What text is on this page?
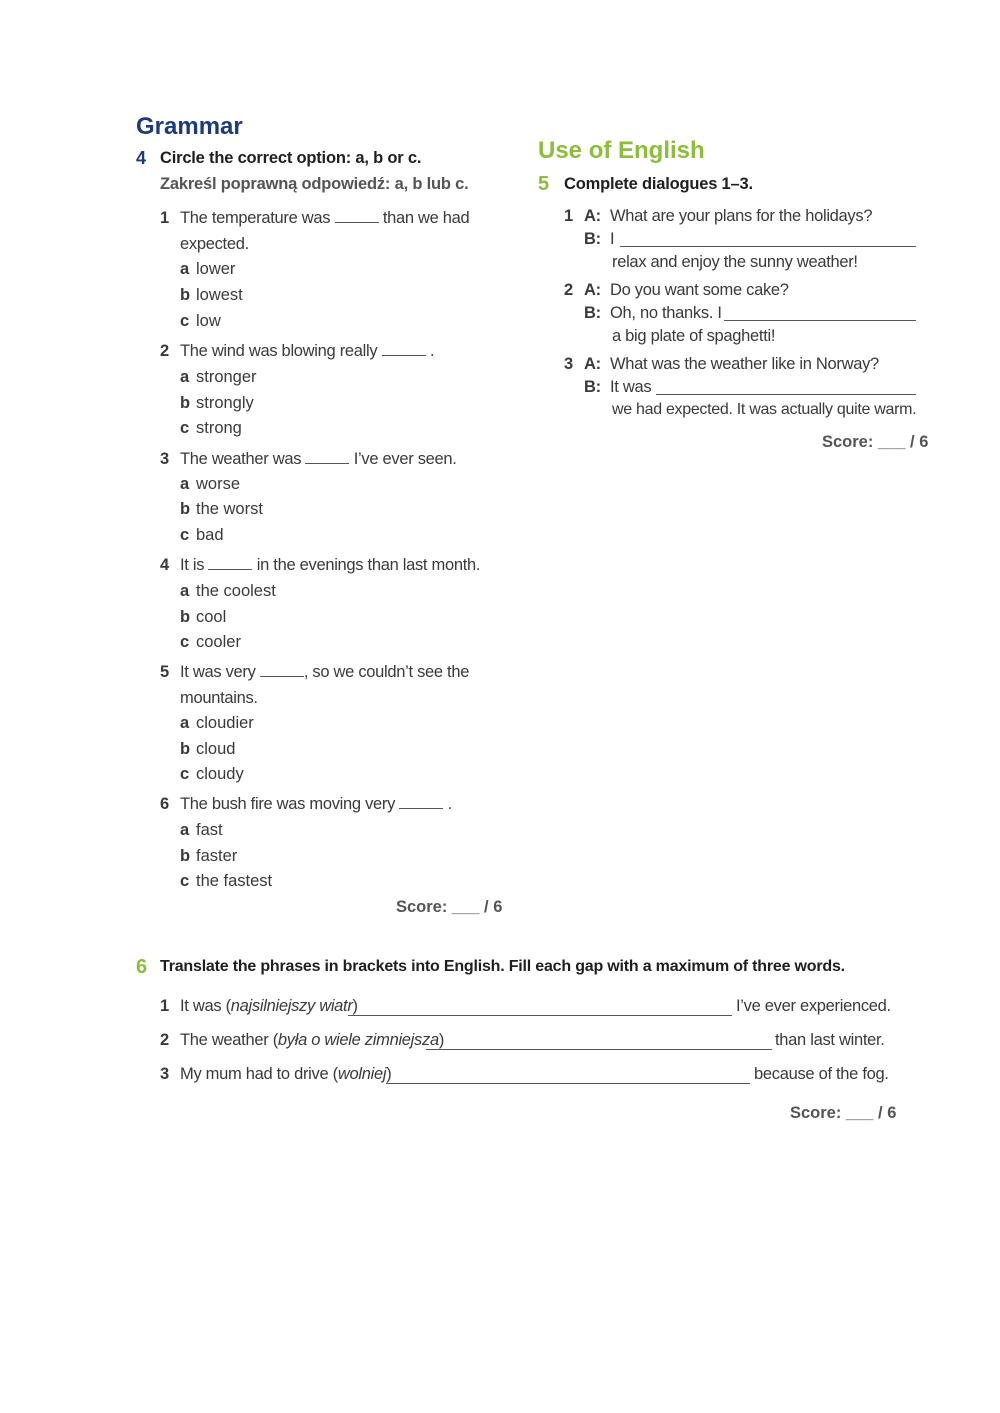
Grammar
4 Circle the correct option: a, b or c.
Zakreśl poprawną odpowiedź: a, b lub c.
1 The temperature was	than we had
expected.
a lower
b lowest
c low
2 The wind was blowing really	.
a stronger
b strongly
c strong
3 The weather was	I’ve ever seen.
a worse
b the worst
c bad
4 It is	in the evenings than last month.
a the coolest
b cool
c cooler
5 It was very	, so we couldn’t see the
mountains.
a cloudier
b cloud
c cloudy
6 The bush fire was moving very	.
a fast
b faster
c the fastest
Score: ___ / 6
Use of English
5 Complete dialogues 1–3.
1 A: What are your plans for the holidays?
B: I
relax and enjoy the sunny weather!
2 A: Do you want some cake?
B: Oh, no thanks. I
a big plate of spaghetti!
3 A: What was the weather like in Norway?
B: It was
we had expected. It was actually quite warm.
Score: ___ / 6
6 Translate the phrases in brackets into English. Fill each gap with a maximum of three words.
1 It was (najsilniejszy wiatr)	I’ve ever experienced.
2 The weather (była o wiele zimniejsza)	than last winter.
3 My mum had to drive (wolniej)	because of the fog.
Score: ___ / 6
